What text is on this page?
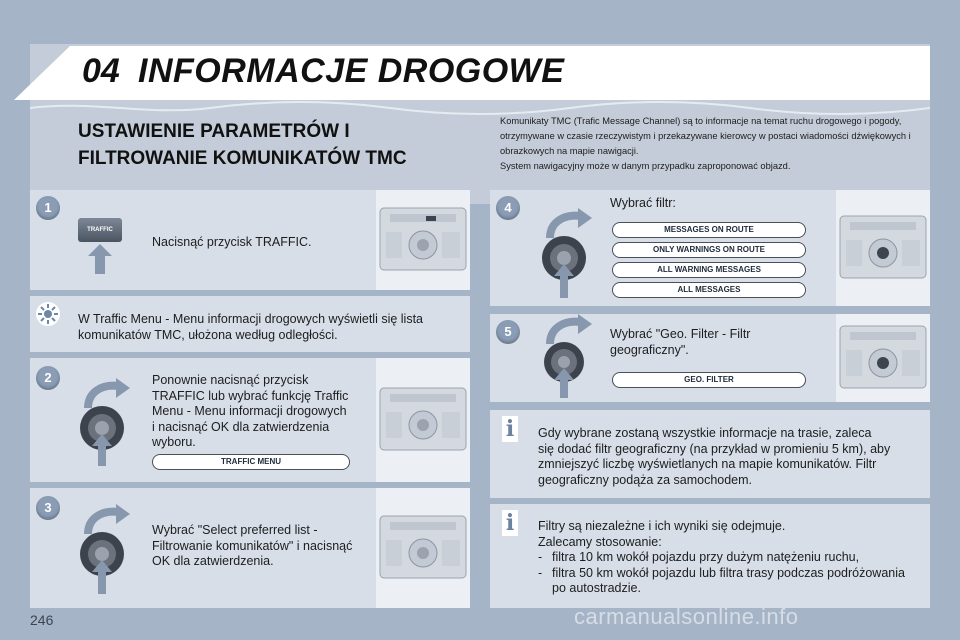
04 INFORMACJE DROGOWE
USTAWIENIE PARAMETRÓW I
FILTROWANIE KOMUNIKATÓW TMC
Komunikaty TMC (Trafic Message Channel) są to informacje na temat ruchu drogowego i pogody,
otrzymywane w czasie rzeczywistym i przekazywane kierowcy w postaci wiadomości dźwiękowych i
obrazkowych na mapie nawigacji.
System nawigacyjny może w danym przypadku zaproponować objazd.
1
TRAFFIC
Nacisnąć przycisk TRAFFIC.
W Traffic Menu - Menu informacji drogowych wyświetli się lista
komunikatów TMC, ułożona według odległości.
2	Ponownie nacisnąć przycisk
TRAFFIC lub wybrać funkcję Traffic
Menu - Menu informacji drogowych
i nacisnąć OK dla zatwierdzenia
wyboru.
TRAFFIC MENU
3
Wybrać "Select preferred list -
Filtrowanie komunikatów" i nacisnąć
OK dla zatwierdzenia.
4	Wybrać filtr:
MESSAGES ON ROUTE
ONLY WARNINGS ON ROUTE
ALL WARNING MESSAGES
ALL MESSAGES
5	Wybrać "Geo. Filter - Filtr
geograficzny".
GEO. FILTER
i	Gdy wybrane zostaną wszystkie informacje na trasie, zaleca
się dodać filtr geograficzny (na przykład w promieniu 5 km), aby
zmniejszyć liczbę wyświetlanych na mapie komunikatów. Filtr
geograficzny podąża za samochodem.
i	Filtry są niezależne i ich wyniki się odejmuje.
Zalecamy stosowanie:
- filtra 10 km wokół pojazdu przy dużym natężeniu ruchu,
- filtra 50 km wokół pojazdu lub filtra trasy podczas podróżowania
po autostradzie.
246	carmanualsonline.info
